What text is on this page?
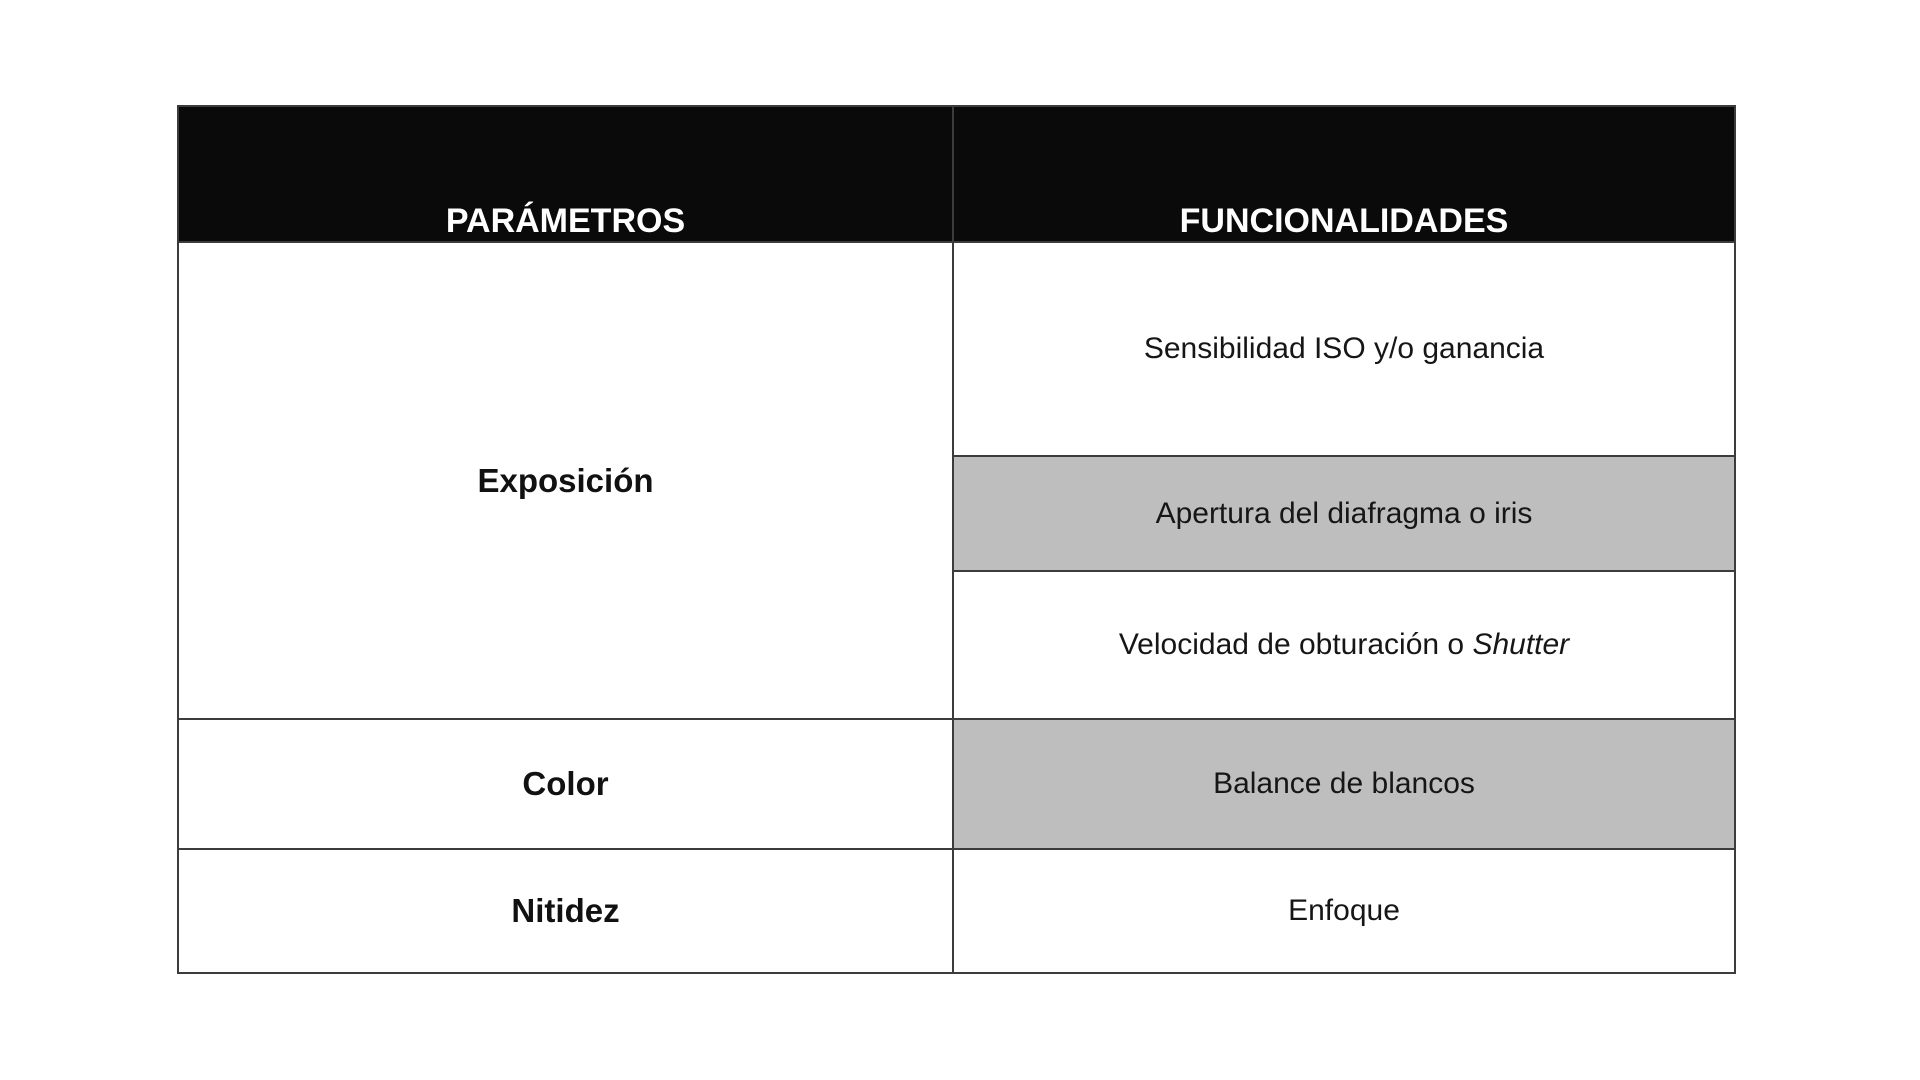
PARÁMETROS	FUNCIONALIDADES
Exposición	Sensibilidad ISO y/o ganancia
	Apertura del diafragma o iris
	Velocidad de obturación o Shutter
Color	Balance de blancos
Nitidez	Enfoque
